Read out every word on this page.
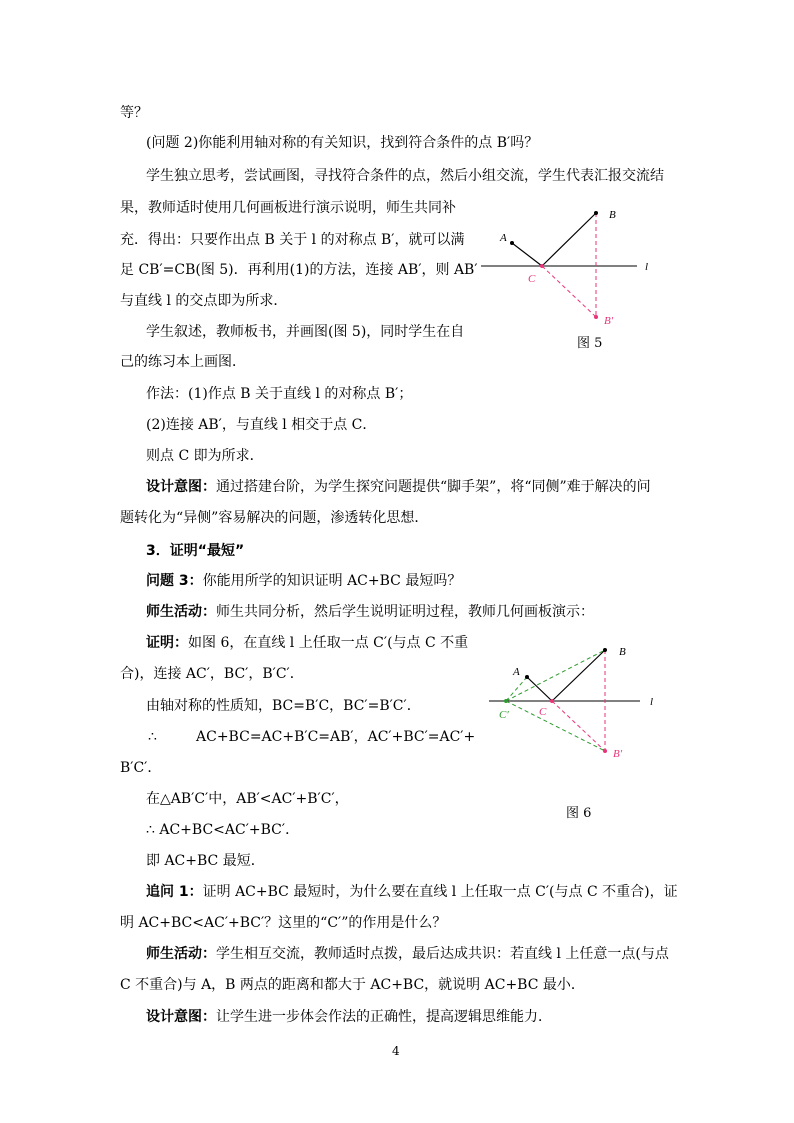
等？
(问题 2)你能利用轴对称的有关知识，找到符合条件的点 B′吗？
学生独立思考，尝试画图，寻找符合条件的点，然后小组交流，学生代表汇报交流结
果，教师适时使用几何画板进行演示说明，师生共同补
充．得出：只要作出点 B 关于 l 的对称点 B′，就可以满
足 CB′=CB(图 5)．再利用(1)的方法，连接 AB′，则 AB′
与直线 l 的交点即为所求．
学生叙述，教师板书，并画图(图 5)，同时学生在自
己的练习本上画图．
作法：(1)作点 B 关于直线 l 的对称点 B′；
(2)连接 AB′，与直线 l 相交于点 C．
则点 C 即为所求．
设计意图：通过搭建台阶，为学生探究问题提供“脚手架”，将“同侧”难于解决的问
题转化为“异侧”容易解决的问题，渗透转化思想．
3．证明“最短”
问题 3：你能用所学的知识证明 AC+BC 最短吗？
师生活动：师生共同分析，然后学生说明证明过程，教师几何画板演示：
证明：如图 6，在直线 l 上任取一点 C′(与点 C 不重
合)，连接 AC′，BC′，B′C′．
由轴对称的性质知，BC=B′C，BC′=B′C′．
∴	AC+BC=AC+B′C=AB′，AC′+BC′=AC′+
B′C′．
在△AB′C′中，AB′<AC′+B′C′，
∴ AC+BC<AC′+BC′．
即 AC+BC 最短．
追问 1：证明 AC+BC 最短时，为什么要在直线 l 上任取一点 C′(与点 C 不重合)，证
明 AC+BC<AC′+BC′？这里的“C′”的作用是什么？
师生活动：学生相互交流，教师适时点拨，最后达成共识：若直线 l 上任意一点(与点
C 不重合)与 A，B 两点的距离和都大于 AC+BC，就说明 AC+BC 最小．
设计意图：让学生进一步体会作法的正确性，提高逻辑思维能力．
A
B
C
B′
l
图 5
A
B
C
C′
B′
l
图 6
4
